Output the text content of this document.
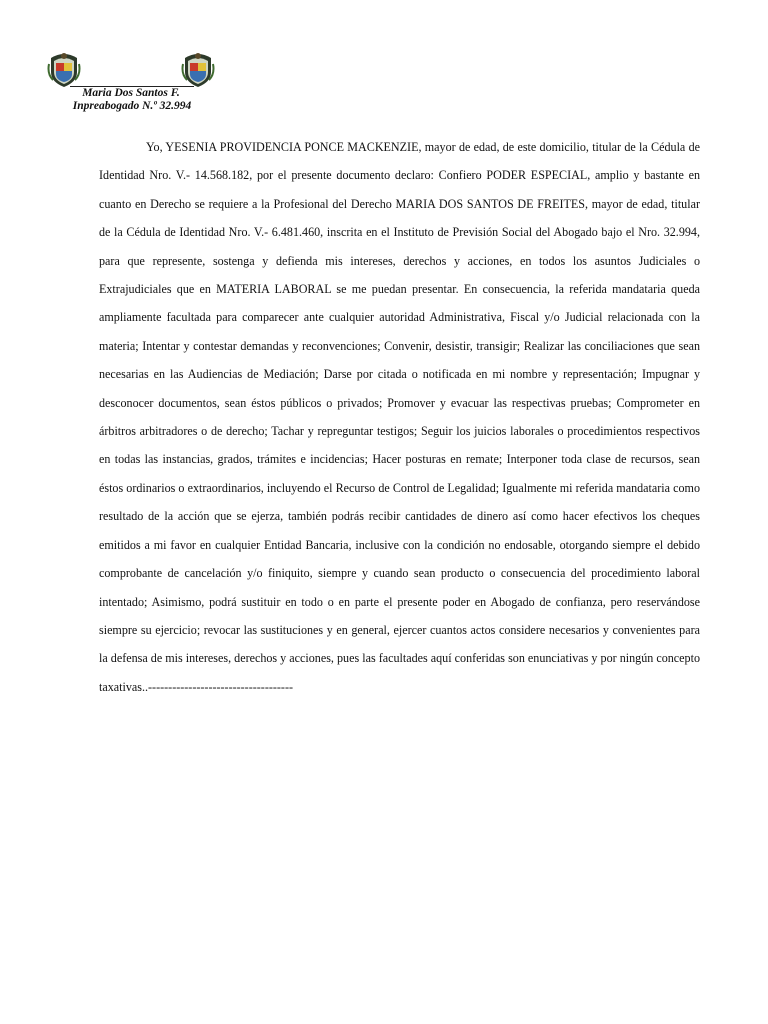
Maria Dos Santos F.
Inpreabogado N.º 32.994

Yo, YESENIA PROVIDENCIA PONCE MACKENZIE, mayor de edad, de este domicilio, titular de la Cédula de Identidad Nro. V.- 14.568.182, por el presente documento declaro: Confiero PODER ESPECIAL, amplio y bastante en cuanto en Derecho se requiere a la Profesional del Derecho MARIA DOS SANTOS DE FREITES, mayor de edad, titular de la Cédula de Identidad Nro. V.- 6.481.460, inscrita en el Instituto de Previsión Social del Abogado bajo el Nro. 32.994, para que represente, sostenga y defienda mis intereses, derechos y acciones, en todos los asuntos Judiciales o Extrajudiciales que en MATERIA LABORAL se me puedan presentar. En consecuencia, la referida mandataria queda ampliamente facultada para comparecer ante cualquier autoridad Administrativa, Fiscal y/o Judicial relacionada con la materia; Intentar y contestar demandas y reconvenciones; Convenir, desistir, transigir; Realizar las conciliaciones que sean necesarias en las Audiencias de Mediación; Darse por citada o notificada en mi nombre y representación; Impugnar y desconocer documentos, sean éstos públicos o privados; Promover y evacuar las respectivas pruebas; Comprometer en árbitros arbitradores o de derecho; Tachar y repreguntar testigos; Seguir los juicios laborales o procedimientos respectivos en todas las instancias, grados, trámites e incidencias; Hacer posturas en remate; Interponer toda clase de recursos, sean éstos ordinarios o extraordinarios, incluyendo el Recurso de Control de Legalidad; Igualmente mi referida mandataria como resultado de la acción que se ejerza, también podrás recibir cantidades de dinero así como hacer efectivos los cheques emitidos a mi favor en cualquier Entidad Bancaria, inclusive con la condición no endosable, otorgando siempre el debido comprobante de cancelación y/o finiquito, siempre y cuando sean producto o consecuencia del procedimiento laboral intentado; Asimismo, podrá sustituir en todo o en parte el presente poder en Abogado de confianza, pero reservándose siempre su ejercicio; revocar las sustituciones y en general, ejercer cuantos actos considere necesarios y convenientes para la defensa de mis intereses, derechos y acciones, pues las facultades aquí conferidas son enunciativas y por ningún concepto taxativas..------------------------------------
